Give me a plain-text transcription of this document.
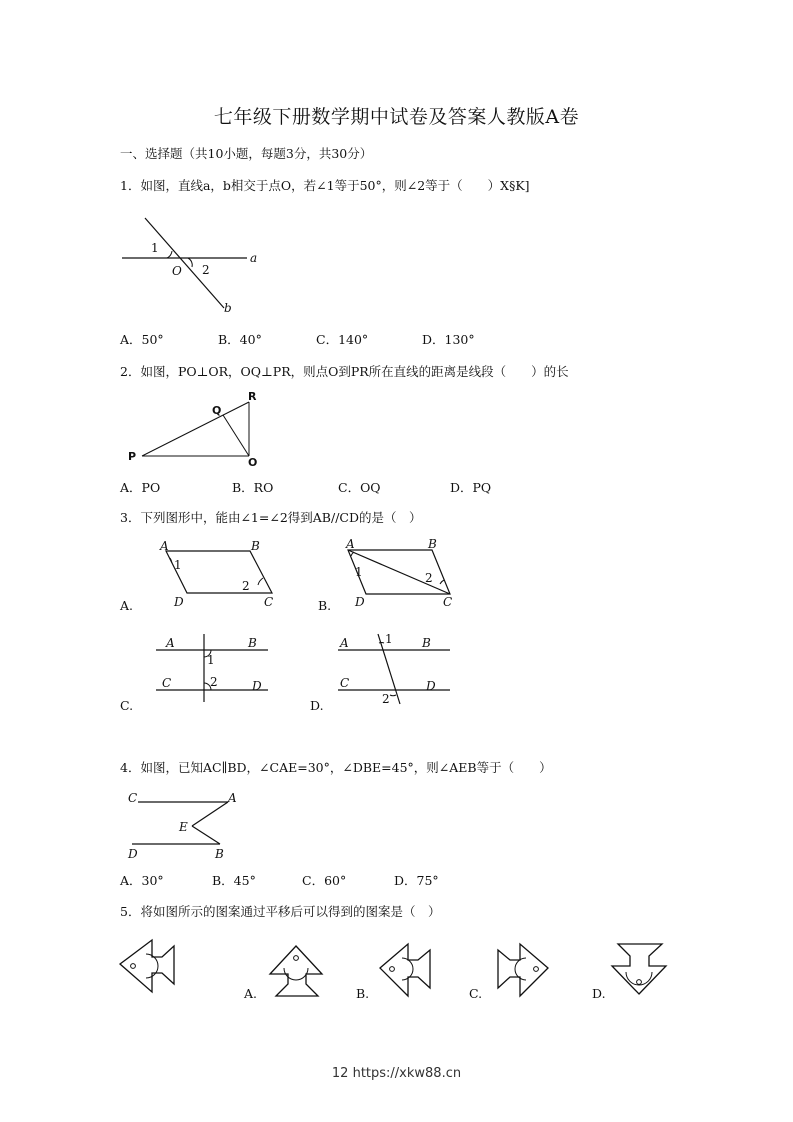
七年级下册数学期中试卷及答案人教版A卷
一、选择题（共10小题，每题3分，共30分）
1．如图，直线a，b相交于点O，若∠1等于50°，则∠2等于（　　）X§K]
1
O 2
a
b
A．50°	B．40°	C．140°	D．130°
2．如图，PO⊥OR，OQ⊥PR，则点O到PR所在直线的距离是线段（　　）的长
P
Q
R
O
A．PO	B．RO	C．OQ	D．PQ
3．下列图形中，能由∠1=∠2得到AB//CD的是（　）
A	B
C
D
1
2
A.
A	B
C
D
1	2
B.
A	B
C	D
1
2
C.
A	B
C	D
1
2
D.
4．如图，已知AC∥BD，∠CAE=30°，∠DBE=45°，则∠AEB等于（　　）
C	A
E
D	B
A．30°	B．45°	C．60°	D．75°
5．将如图所示的图案通过平移后可以得到的图案是（　）
A.	B.	C.	D.
12 https://xkw88.cn
